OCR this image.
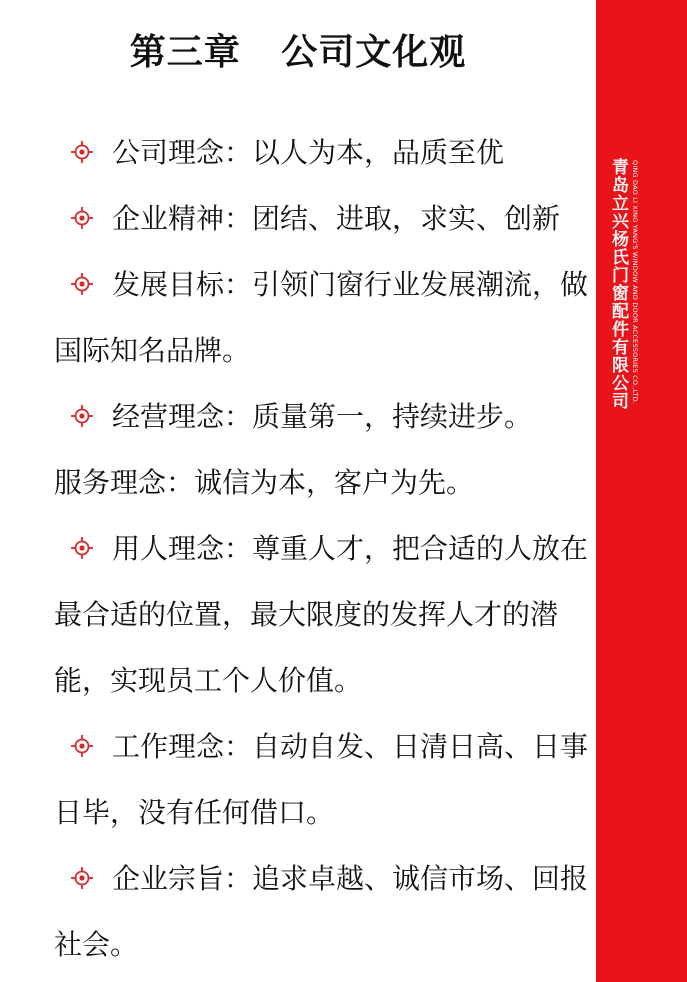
第三章   公司文化观

公司理念：以人为本，品质至优

企业精神：团结、进取，求实、创新

发展目标：引领门窗行业发展潮流，做国际知名品牌。

经营理念：质量第一，持续进步。

服务理念：诚信为本，客户为先。

用人理念：尊重人才，把合适的人放在最合适的位置，最大限度的发挥人才的潜能，实现员工个人价值。

工作理念：自动自发、日清日高、日事日毕，没有任何借口。

企业宗旨：追求卓越、诚信市场、回报社会。

青岛立兴杨氏门窗配件有限公司 QING DAO LI XING YANG'S WINDOW AND DOOR ACCESSORIES CO.,LTD.
